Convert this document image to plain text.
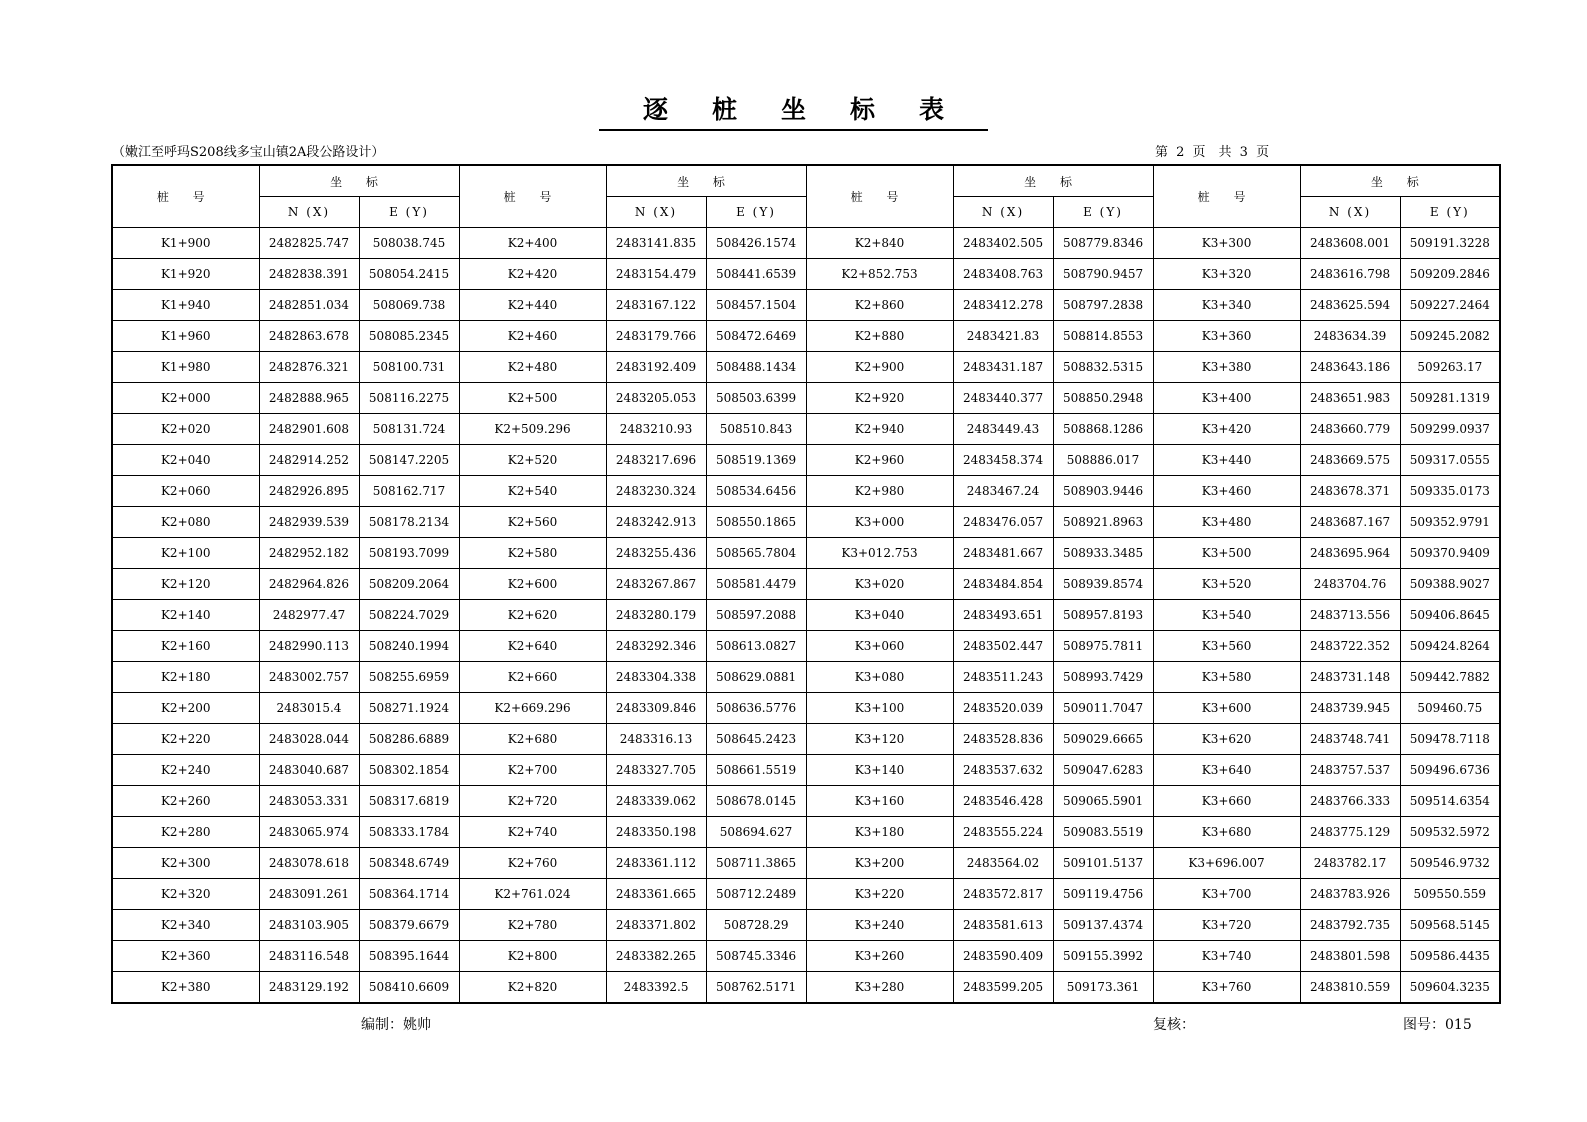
逐桩坐标表
（嫩江至呼玛S208线多宝山镇2A段公路设计）	第 2 页　共 3 页
桩 号	坐 标		桩 号	坐 标		桩 号	坐 标		桩 号	坐 标	
	N (X)	E (Y)		N (X)	E (Y)		N (X)	E (Y)		N (X)	E (Y)
K1+900	2482825.747	508038.745	K2+400	2483141.835	508426.1574	K2+840	2483402.505	508779.8346	K3+300	2483608.001	509191.3228
K1+920	2482838.391	508054.2415	K2+420	2483154.479	508441.6539	K2+852.753	2483408.763	508790.9457	K3+320	2483616.798	509209.2846
K1+940	2482851.034	508069.738	K2+440	2483167.122	508457.1504	K2+860	2483412.278	508797.2838	K3+340	2483625.594	509227.2464
K1+960	2482863.678	508085.2345	K2+460	2483179.766	508472.6469	K2+880	2483421.83	508814.8553	K3+360	2483634.39	509245.2082
K1+980	2482876.321	508100.731	K2+480	2483192.409	508488.1434	K2+900	2483431.187	508832.5315	K3+380	2483643.186	509263.17
K2+000	2482888.965	508116.2275	K2+500	2483205.053	508503.6399	K2+920	2483440.377	508850.2948	K3+400	2483651.983	509281.1319
K2+020	2482901.608	508131.724	K2+509.296	2483210.93	508510.843	K2+940	2483449.43	508868.1286	K3+420	2483660.779	509299.0937
K2+040	2482914.252	508147.2205	K2+520	2483217.696	508519.1369	K2+960	2483458.374	508886.017	K3+440	2483669.575	509317.0555
K2+060	2482926.895	508162.717	K2+540	2483230.324	508534.6456	K2+980	2483467.24	508903.9446	K3+460	2483678.371	509335.0173
K2+080	2482939.539	508178.2134	K2+560	2483242.913	508550.1865	K3+000	2483476.057	508921.8963	K3+480	2483687.167	509352.9791
K2+100	2482952.182	508193.7099	K2+580	2483255.436	508565.7804	K3+012.753	2483481.667	508933.3485	K3+500	2483695.964	509370.9409
K2+120	2482964.826	508209.2064	K2+600	2483267.867	508581.4479	K3+020	2483484.854	508939.8574	K3+520	2483704.76	509388.9027
K2+140	2482977.47	508224.7029	K2+620	2483280.179	508597.2088	K3+040	2483493.651	508957.8193	K3+540	2483713.556	509406.8645
K2+160	2482990.113	508240.1994	K2+640	2483292.346	508613.0827	K3+060	2483502.447	508975.7811	K3+560	2483722.352	509424.8264
K2+180	2483002.757	508255.6959	K2+660	2483304.338	508629.0881	K3+080	2483511.243	508993.7429	K3+580	2483731.148	509442.7882
K2+200	2483015.4	508271.1924	K2+669.296	2483309.846	508636.5776	K3+100	2483520.039	509011.7047	K3+600	2483739.945	509460.75
K2+220	2483028.044	508286.6889	K2+680	2483316.13	508645.2423	K3+120	2483528.836	509029.6665	K3+620	2483748.741	509478.7118
K2+240	2483040.687	508302.1854	K2+700	2483327.705	508661.5519	K3+140	2483537.632	509047.6283	K3+640	2483757.537	509496.6736
K2+260	2483053.331	508317.6819	K2+720	2483339.062	508678.0145	K3+160	2483546.428	509065.5901	K3+660	2483766.333	509514.6354
K2+280	2483065.974	508333.1784	K2+740	2483350.198	508694.627	K3+180	2483555.224	509083.5519	K3+680	2483775.129	509532.5972
K2+300	2483078.618	508348.6749	K2+760	2483361.112	508711.3865	K3+200	2483564.02	509101.5137	K3+696.007	2483782.17	509546.9732
K2+320	2483091.261	508364.1714	K2+761.024	2483361.665	508712.2489	K3+220	2483572.817	509119.4756	K3+700	2483783.926	509550.559
K2+340	2483103.905	508379.6679	K2+780	2483371.802	508728.29	K3+240	2483581.613	509137.4374	K3+720	2483792.735	509568.5145
K2+360	2483116.548	508395.1644	K2+800	2483382.265	508745.3346	K3+260	2483590.409	509155.3992	K3+740	2483801.598	509586.4435
K2+380	2483129.192	508410.6609	K2+820	2483392.5	508762.5171	K3+280	2483599.205	509173.361	K3+760	2483810.559	509604.3235
编制：姚帅	复核：	图号：015
